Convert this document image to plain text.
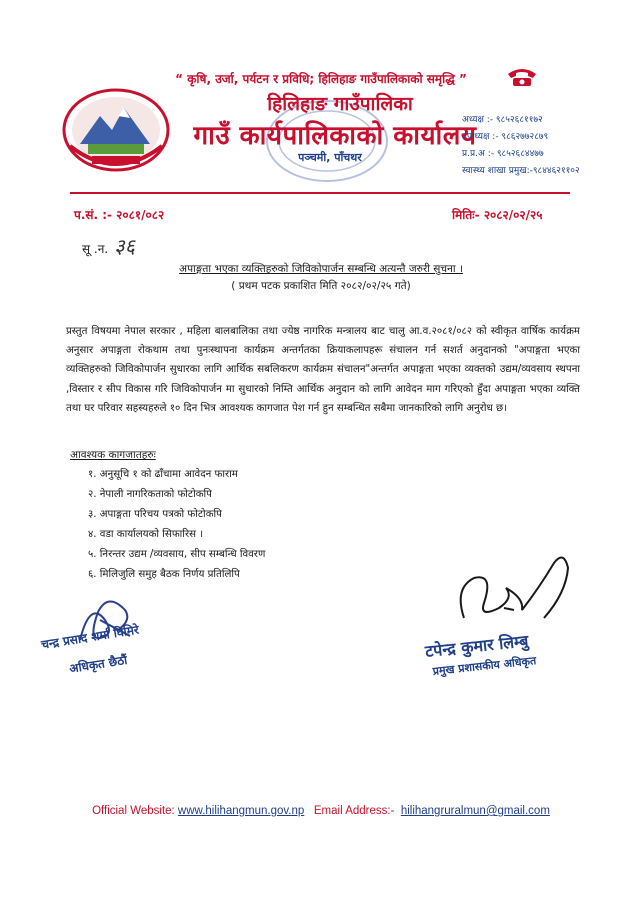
“ कृषि, उर्जा, पर्यटन र प्रविधि; हिलिहाङ गाउँपालिकाको समृद्धि ”
हिलिहाङ गाउँपालिका
गाउँ कार्यपालिकाको कार्यालय
पञ्चमी, पाँचथर
अध्यक्ष :- ९८५२६८११७२
उपाध्यक्ष :- ९८६२७७२८७९
प्र.प्र.अ :- ९८५२६८४४७७
स्वास्थ्य शाखा प्रमुख:-९८४४६२११०२
प.सं. :- २०८१/०८२	मितिः- २०८२/०२/२५
सू .न. ३६
अपाङ्गता भएका व्यक्तिहरुको जिविकोपार्जन सम्बन्धि अत्यन्तै जरुरी सुचना ।
( प्रथम पटक प्रकाशित मिति २०८२/०२/२५ गते)
प्रस्तुत विषयमा नेपाल सरकार , महिला बालबालिका तथा ज्येष्ठ नागरिक मन्त्रालय बाट चालु आ.व.२०८१/०८२ को स्वीकृत वार्षिक कार्यक्रम अनुसार अपाङ्गता रोकथाम तथा पुनःस्थापना कार्यक्रम अन्तर्गतका क्रियाकलापहरू संचालन गर्न सशर्त अनुदानको "अपाङ्गता भएका व्यक्तिहरुको जिविकोपार्जन सुधारका लागि आर्थिक सबलिकरण कार्यक्रम संचालन"अन्तर्गत अपाङ्गता भएका व्यक्तको उद्यम/व्यवसाय स्थपना ,विस्तार र सीप विकास गरि जिविकोपार्जन मा सुधारको निम्ति आर्थिक अनुदान को लागि आवेदन माग गरिएको हुँदा अपाङ्गता भएका व्यक्ति तथा घर परिवार सहस्यहरुले १० दिन भित्र आवश्यक कागजात पेश गर्न हुन सम्बन्धित सबैमा जानकारिको लागि अनुरोध छ।
आवश्यक कागजातहरुः
१. अनुसूचि १ को ढाँचामा आवेदन फाराम
२. नेपाली नागरिकताको फोटोकपि
३. अपाङ्गता परिचय पत्रको फोटोकपि
४. वडा कार्यालयको सिफारिस ।
५. निरन्तर उद्यम /व्यवसाय, सीप सम्बन्धि विवरण
६. मिलिजुलि समुह बैठक निर्णय प्रतिलिपि
चन्द्र प्रसाद शर्मा घिमिरे
अधिकृत छैठौं
टपेन्द्र कुमार लिम्बु
प्रमुख प्रशासकीय अधिकृत
Official Website: www.hilihangmun.gov.np Email Address:- hilihangruralmun@gmail.com
